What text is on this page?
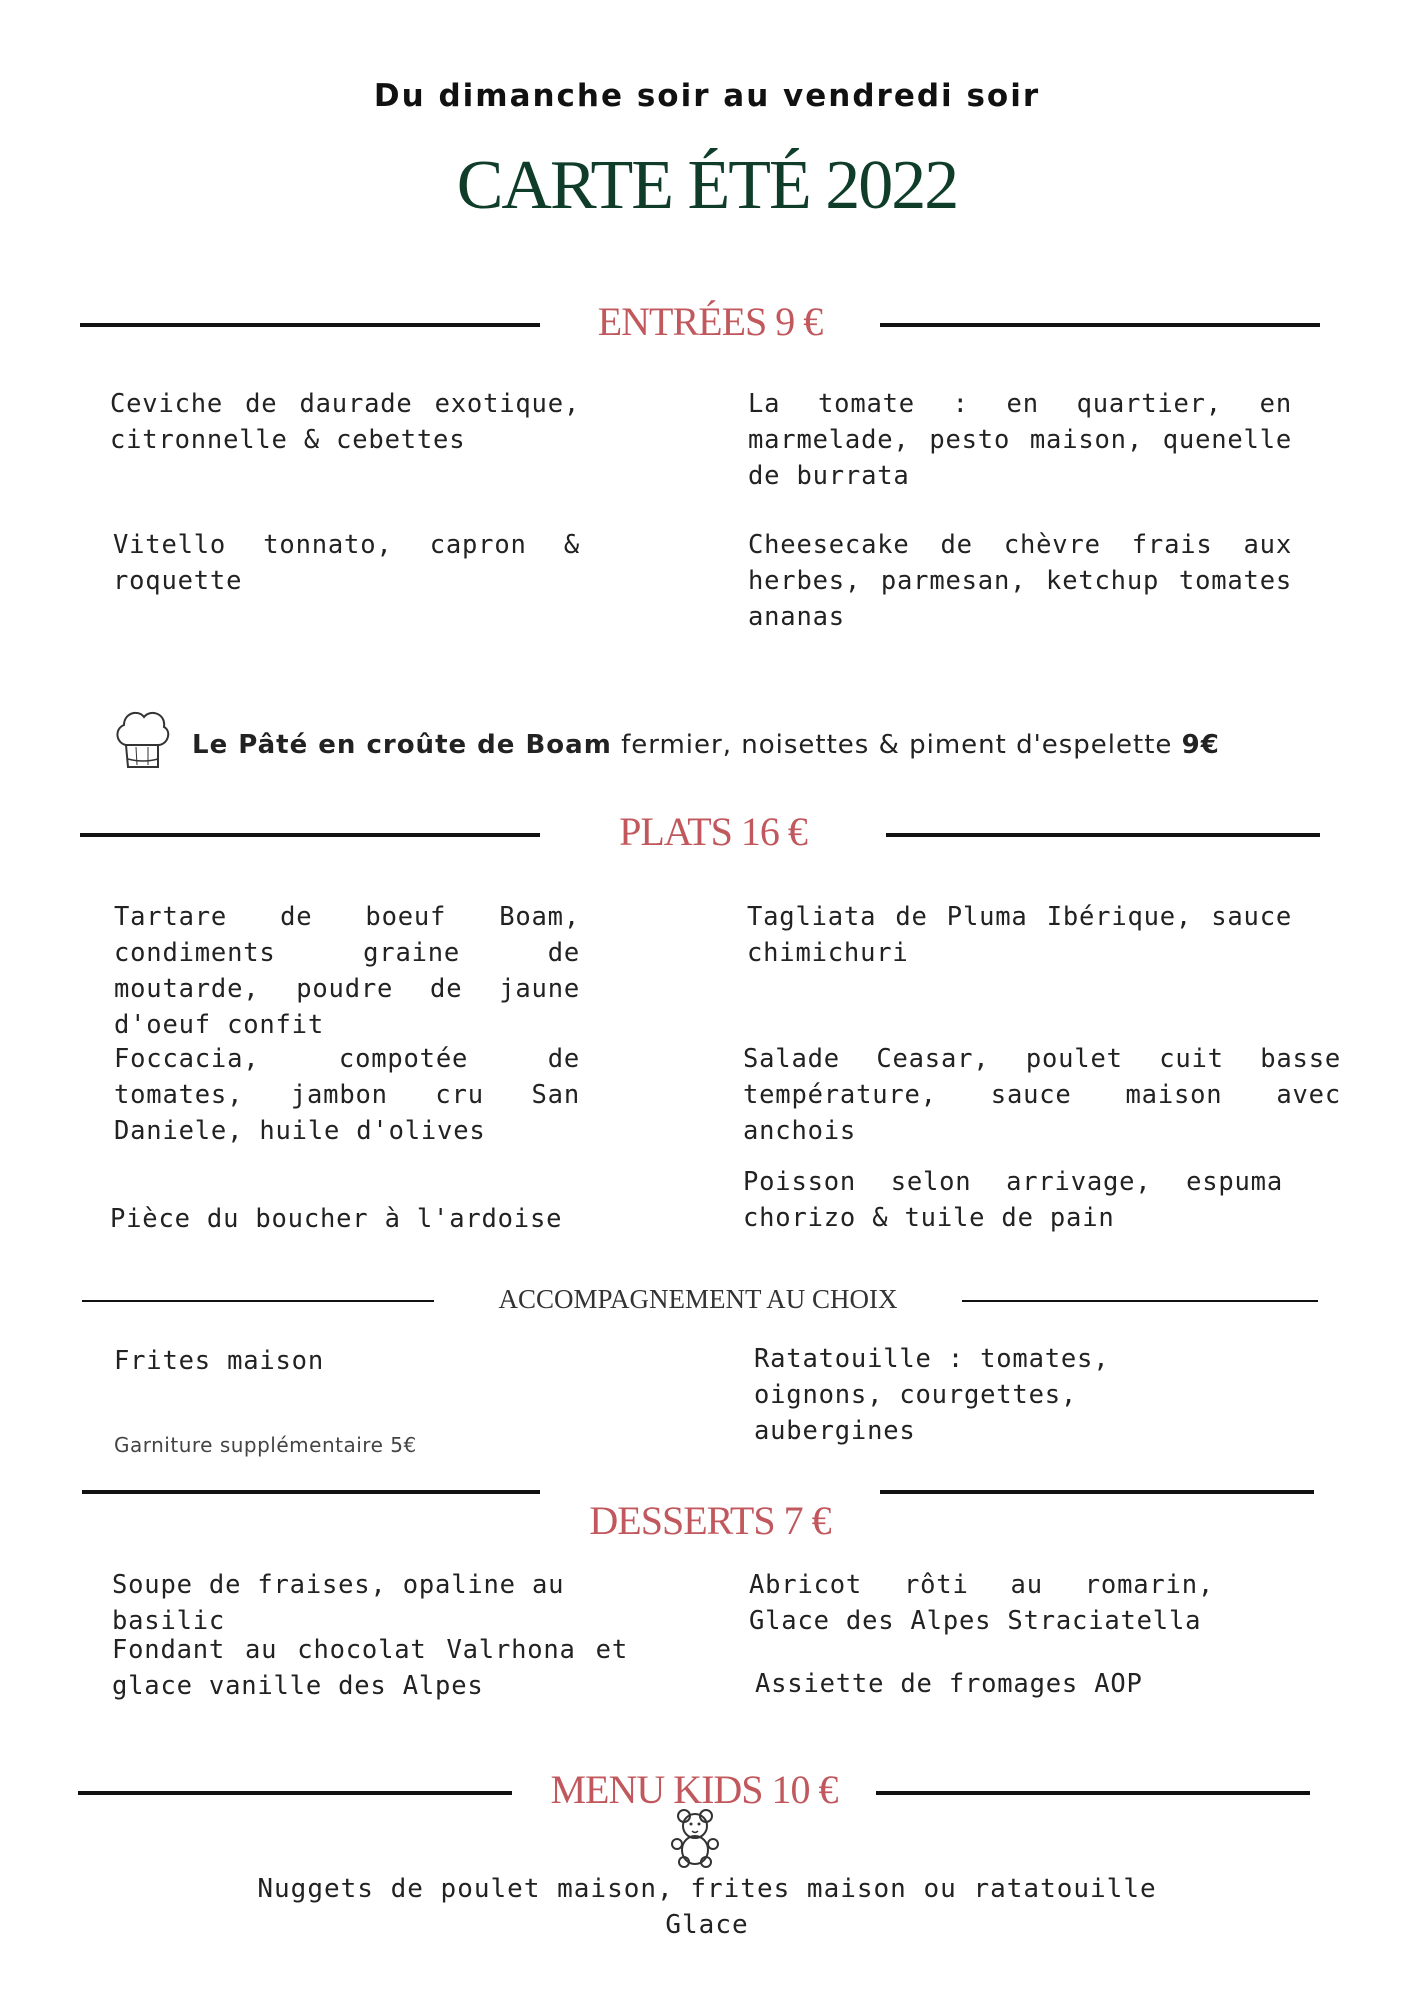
Du dimanche soir au vendredi soir
CARTE ÉTÉ 2022
ENTRÉES 9 €
Ceviche de daurade exotique, citronnelle & cebettes
La tomate : en quartier, en marmelade, pesto maison, quenelle de burrata
Vitello tonnato, capron & roquette
Cheesecake de chèvre frais aux herbes, parmesan, ketchup tomates ananas
Le Pâté en croûte de Boam fermier, noisettes & piment d'espelette 9€
PLATS 16 €
Tartare de boeuf Boam, condiments graine de moutarde, poudre de jaune d'oeuf confit
Tagliata de Pluma Ibérique, sauce chimichuri
Foccacia, compotée de tomates, jambon cru San Daniele, huile d'olives
Salade Ceasar, poulet cuit basse température, sauce maison avec anchois
Poisson selon arrivage, espuma chorizo & tuile de pain
Pièce du boucher à l'ardoise
ACCOMPAGNEMENT AU CHOIX
Frites maison	Ratatouille : tomates, oignons, courgettes, aubergines
Garniture supplémentaire 5€
DESSERTS 7 €
Soupe de fraises, opaline au basilic
Abricot rôti au romarin, Glace des Alpes Straciatella
Fondant au chocolat Valrhona et glace vanille des Alpes	Assiette de fromages AOP
MENU KIDS 10 €
Nuggets de poulet maison, frites maison ou ratatouille
Glace
